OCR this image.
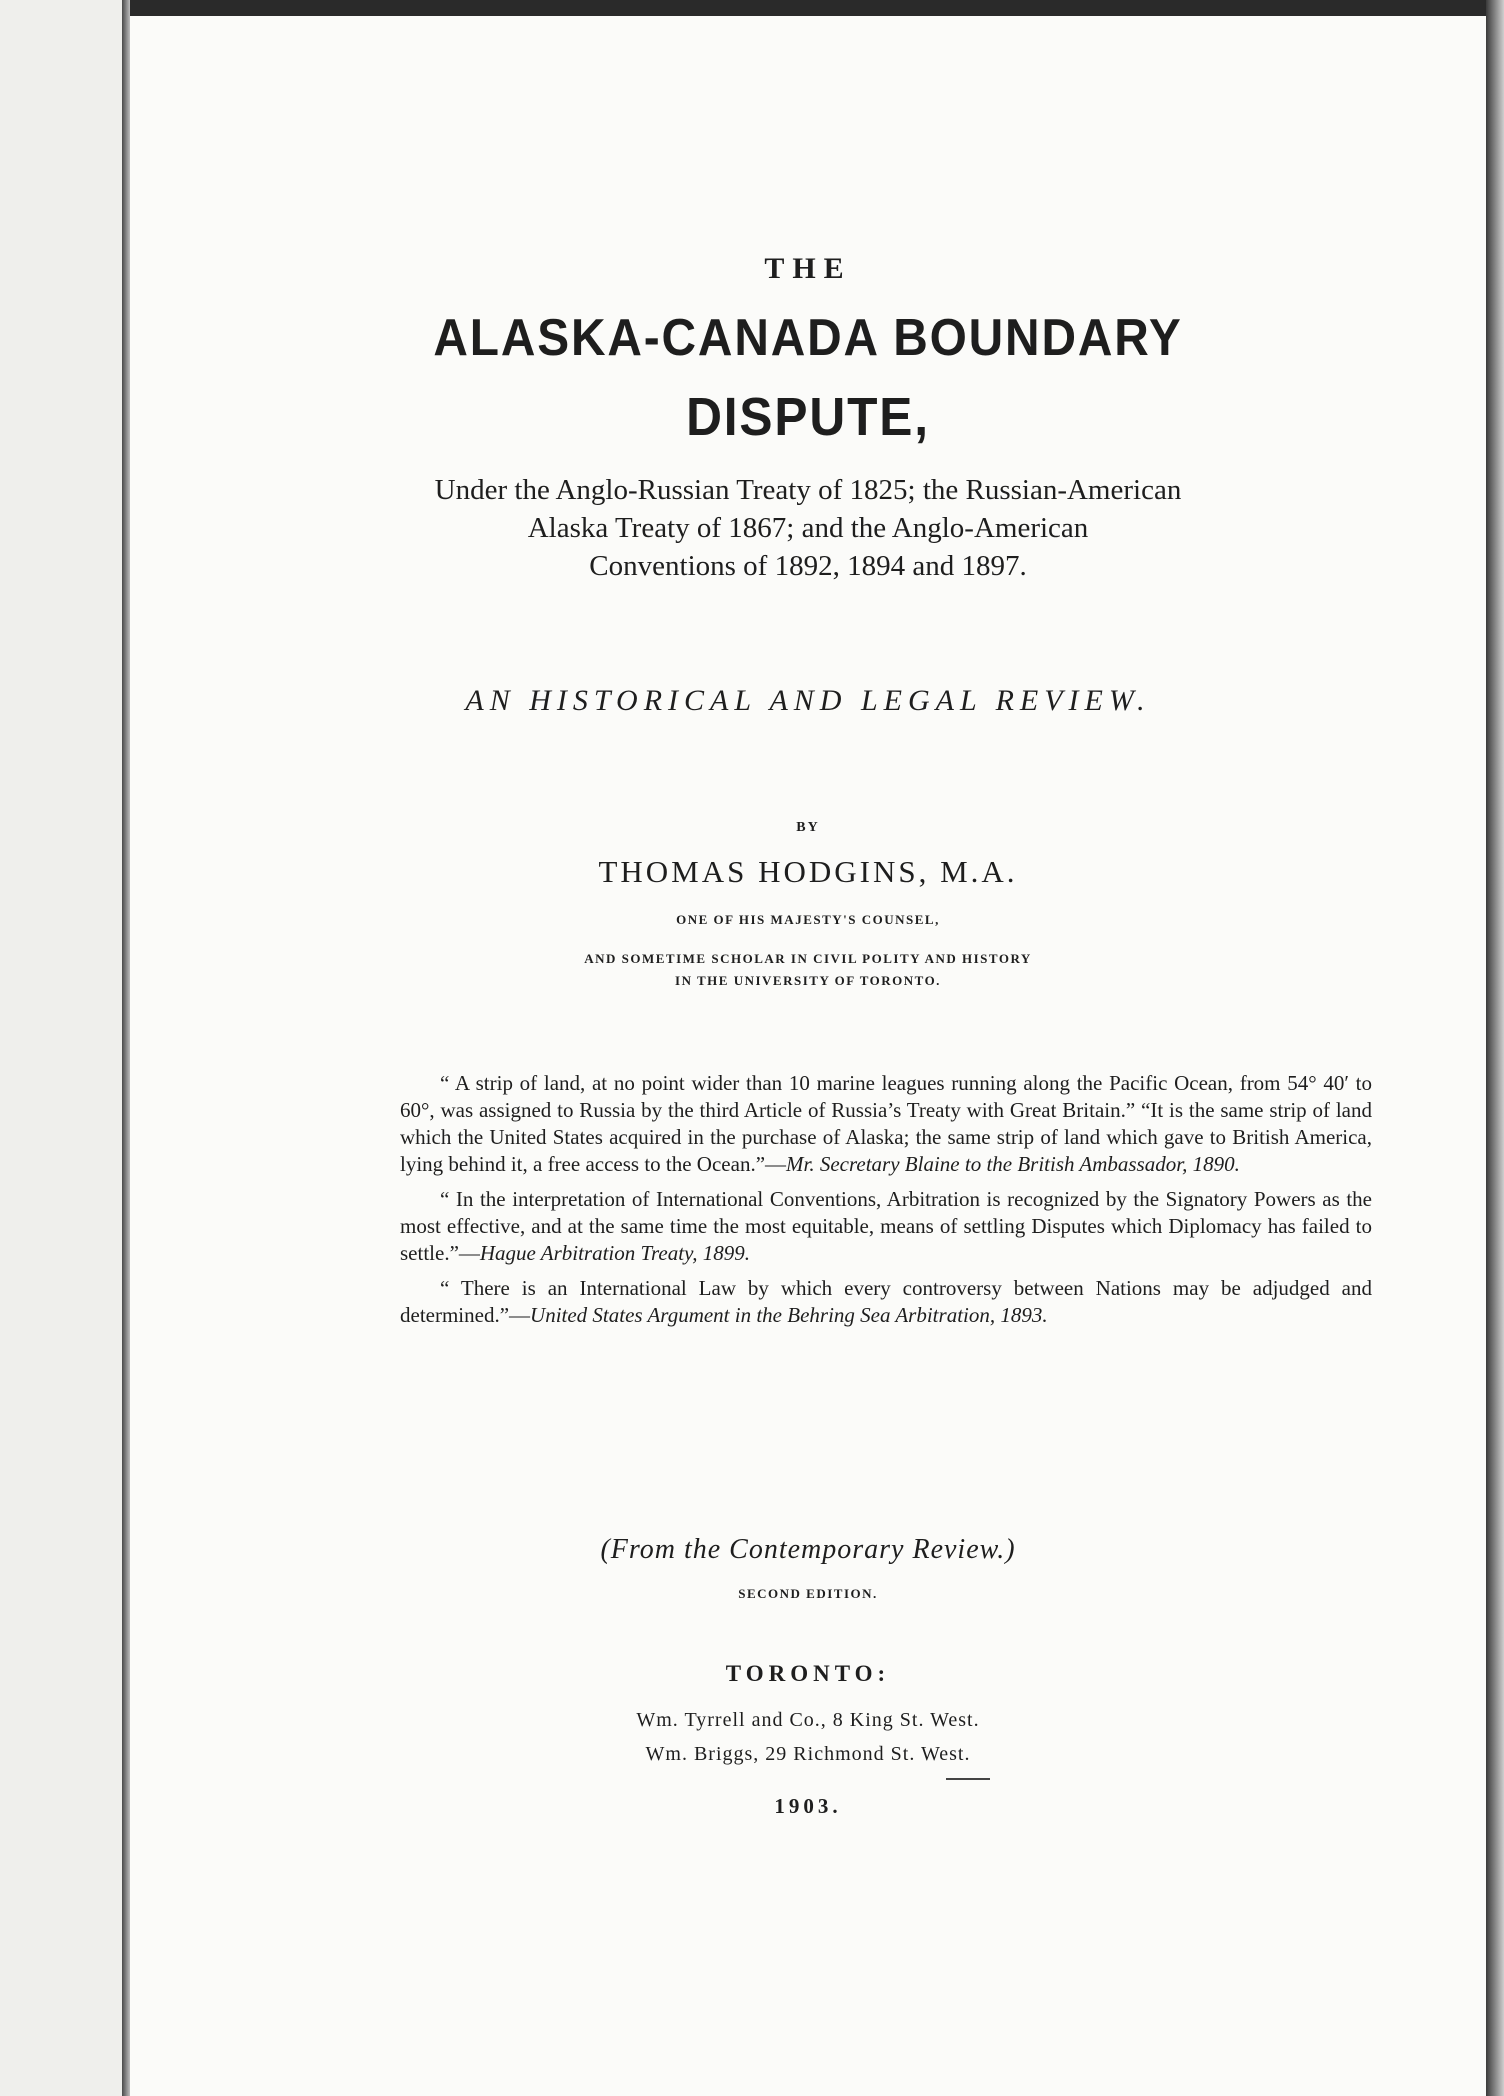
THE
ALASKA-CANADA BOUNDARY
DISPUTE,
Under the Anglo-Russian Treaty of 1825; the Russian-American
Alaska Treaty of 1867; and the Anglo-American
Conventions of 1892, 1894 and 1897.
AN HISTORICAL AND LEGAL REVIEW.
BY
THOMAS HODGINS, M.A.
ONE OF HIS MAJESTY'S COUNSEL,
AND SOMETIME SCHOLAR IN CIVIL POLITY AND HISTORY
IN THE UNIVERSITY OF TORONTO.

“ A strip of land, at no point wider than 10 marine leagues running along the Pacific Ocean, from 54° 40′ to 60°, was assigned to Russia by the third Article of Russia’s Treaty with Great Britain.” “It is the same strip of land which the United States acquired in the purchase of Alaska; the same strip of land which gave to British America, lying behind it, a free access to the Ocean.”—Mr. Secretary Blaine to the British Ambassador, 1890.

“ In the interpretation of International Conventions, Arbitration is recognized by the Signatory Powers as the most effective, and at the same time the most equitable, means of settling Disputes which Diplomacy has failed to settle.”—Hague Arbitration Treaty, 1899.

“ There is an International Law by which every controversy between Nations may be adjudged and determined.”—United States Argument in the Behring Sea Arbitration, 1893.

(From the Contemporary Review.)
SECOND EDITION.
TORONTO:
Wm. Tyrrell and Co., 8 King St. West.
Wm. Briggs, 29 Richmond St. West.
1903.
